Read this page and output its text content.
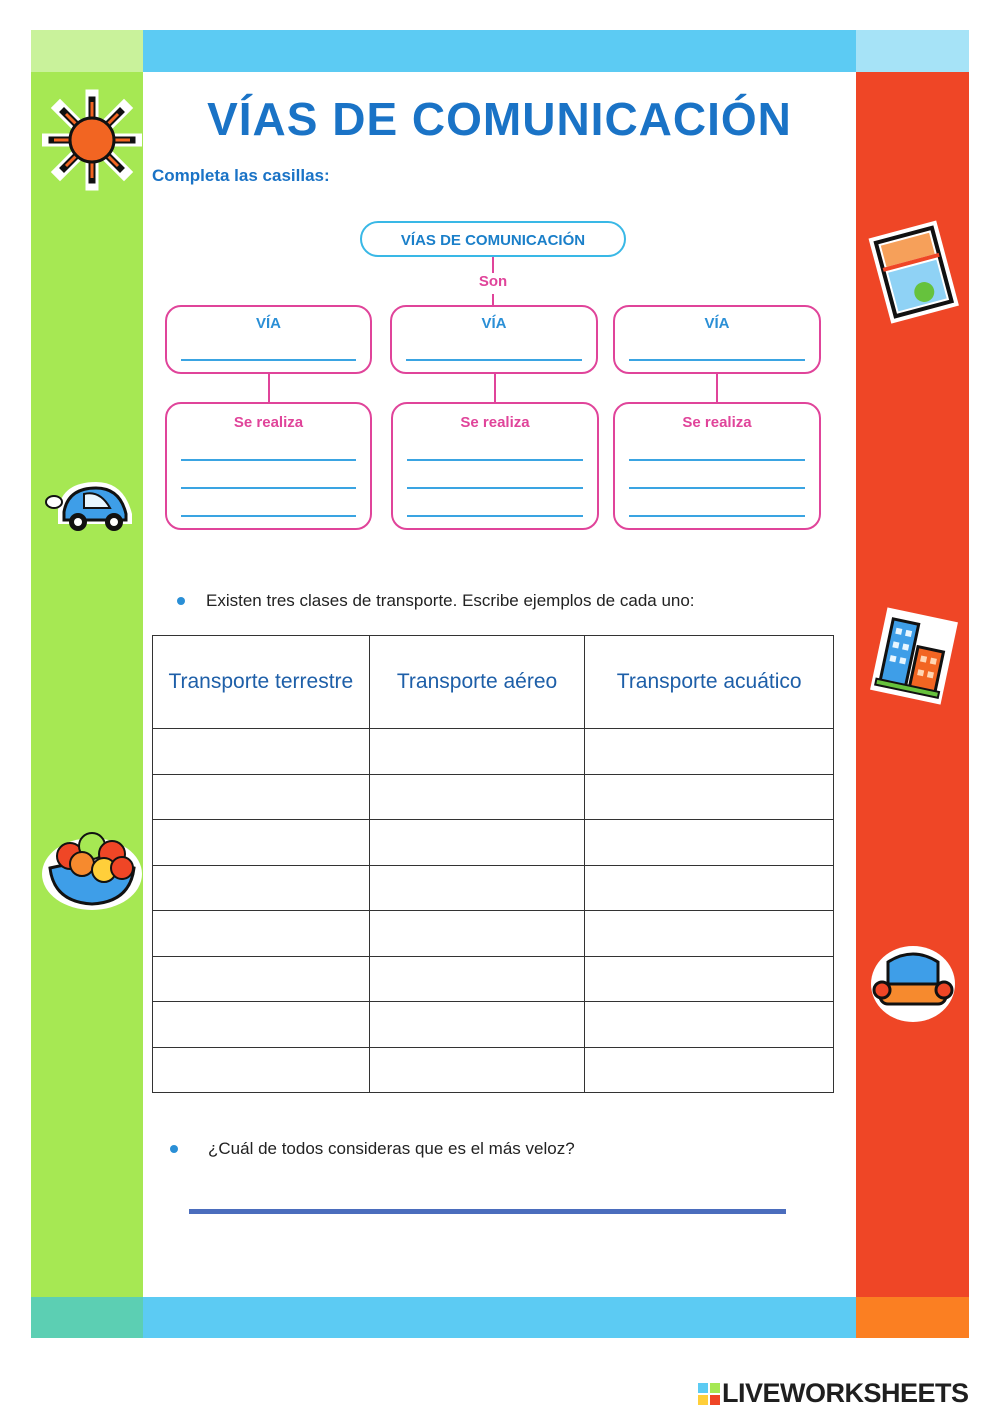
VÍAS DE COMUNICACIÓN
Completa las casillas:
VÍAS DE COMUNICACIÓN
Son
VÍA
Se realiza
VÍA
Se realiza
VÍA
Se realiza
Existen tres clases de transporte. Escribe ejemplos de cada uno:
Transporte terrestre	Transporte aéreo	Transporte acuático

¿Cuál de todos consideras que es el más veloz?
LIVEWORKSHEETS
